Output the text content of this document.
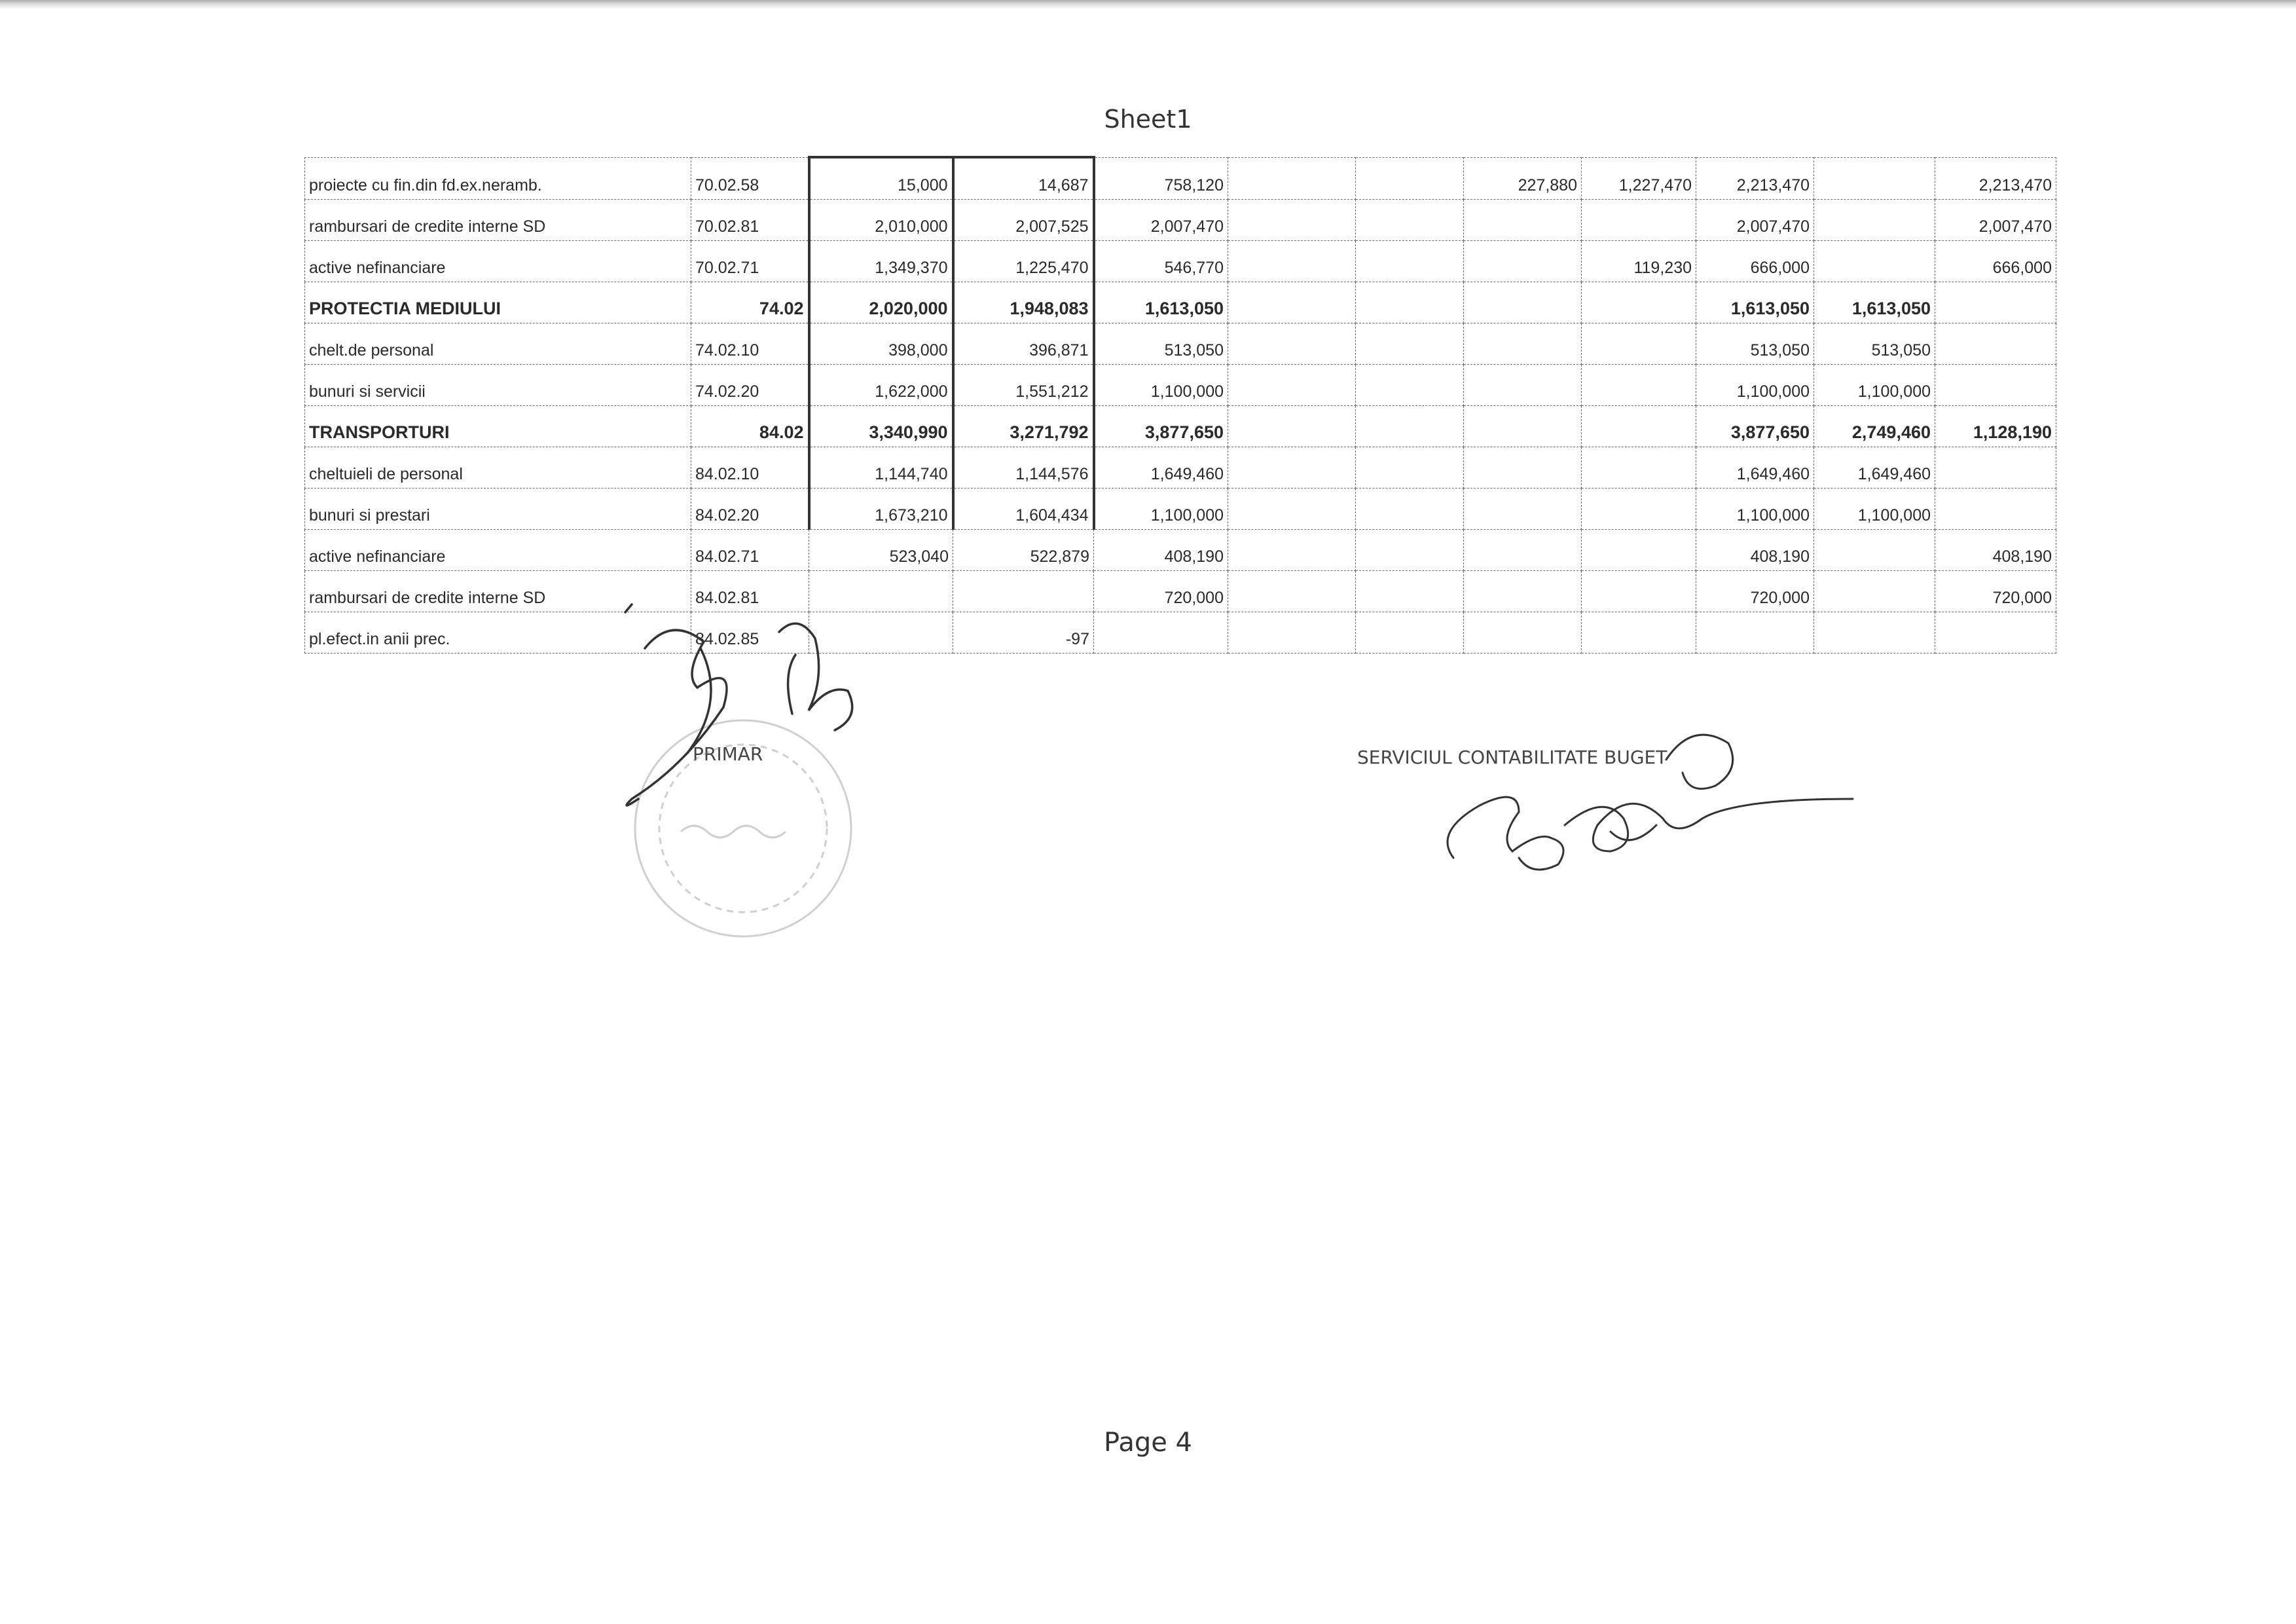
Sheet1
proiecte cu fin.din fd.ex.neramb.	70.02.58	15,000	14,687	758,120			227,880	1,227,470	2,213,470		2,213,470
rambursari de credite interne SD	70.02.81	2,010,000	2,007,525	2,007,470					2,007,470		2,007,470
active nefinanciare	70.02.71	1,349,370	1,225,470	546,770				119,230	666,000		666,000
PROTECTIA MEDIULUI	74.02	2,020,000	1,948,083	1,613,050					1,613,050	1,613,050	
chelt.de personal	74.02.10	398,000	396,871	513,050					513,050	513,050	
bunuri si servicii	74.02.20	1,622,000	1,551,212	1,100,000					1,100,000	1,100,000	
TRANSPORTURI	84.02	3,340,990	3,271,792	3,877,650					3,877,650	2,749,460	1,128,190
cheltuieli de personal	84.02.10	1,144,740	1,144,576	1,649,460					1,649,460	1,649,460	
bunuri si prestari	84.02.20	1,673,210	1,604,434	1,100,000					1,100,000	1,100,000	
active nefinanciare	84.02.71	523,040	522,879	408,190					408,190		408,190
rambursari de credite interne SD	84.02.81			720,000					720,000		720,000
pl.efect.in anii prec.	84.02.85		-97								
PRIMAR	SERVICIUL CONTABILITATE BUGET
Page 4
